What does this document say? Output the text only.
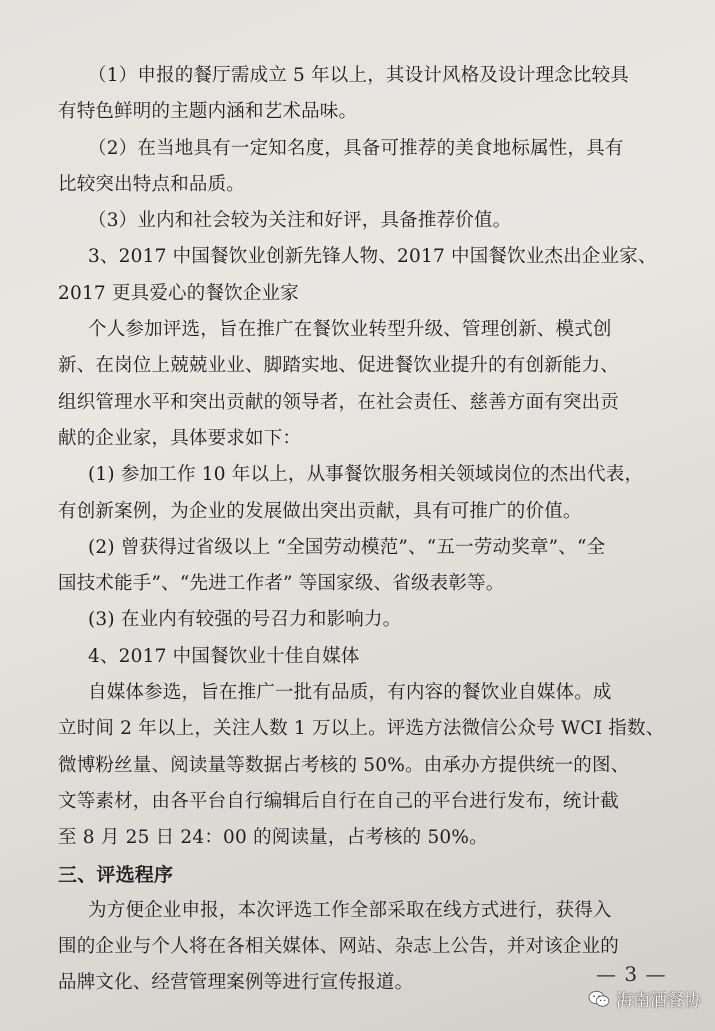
（1）申报的餐厅需成立 5 年以上，其设计风格及设计理念比较具
有特色鲜明的主题内涵和艺术品味。
（2）在当地具有一定知名度，具备可推荐的美食地标属性，具有
比较突出特点和品质。
（3）业内和社会较为关注和好评，具备推荐价值。
3、2017 中国餐饮业创新先锋人物、2017 中国餐饮业杰出企业家、
2017 更具爱心的餐饮企业家
个人参加评选，旨在推广在餐饮业转型升级、管理创新、模式创
新、在岗位上兢兢业业、脚踏实地、促进餐饮业提升的有创新能力、
组织管理水平和突出贡献的领导者，在社会责任、慈善方面有突出贡
献的企业家，具体要求如下：
(1) 参加工作 10 年以上，从事餐饮服务相关领域岗位的杰出代表，
有创新案例，为企业的发展做出突出贡献，具有可推广的价值。
(2) 曾获得过省级以上 “全国劳动模范”、“五一劳动奖章”、“全
国技术能手”、“先进工作者” 等国家级、省级表彰等。
(3) 在业内有较强的号召力和影响力。
4、2017 中国餐饮业十佳自媒体
自媒体参选，旨在推广一批有品质，有内容的餐饮业自媒体。成
立时间 2 年以上，关注人数 1 万以上。评选方法微信公众号 WCI 指数、
微博粉丝量、阅读量等数据占考核的 50%。由承办方提供统一的图、
文等素材，由各平台自行编辑后自行在自己的平台进行发布，统计截
至 8 月 25 日 24：00 的阅读量，占考核的 50%。
三、评选程序
为方便企业申报，本次评选工作全部采取在线方式进行，获得入
围的企业与个人将在各相关媒体、网站、杂志上公告，并对该企业的
品牌文化、经营管理案例等进行宣传报道。	— 3 —
海南酒餐协
